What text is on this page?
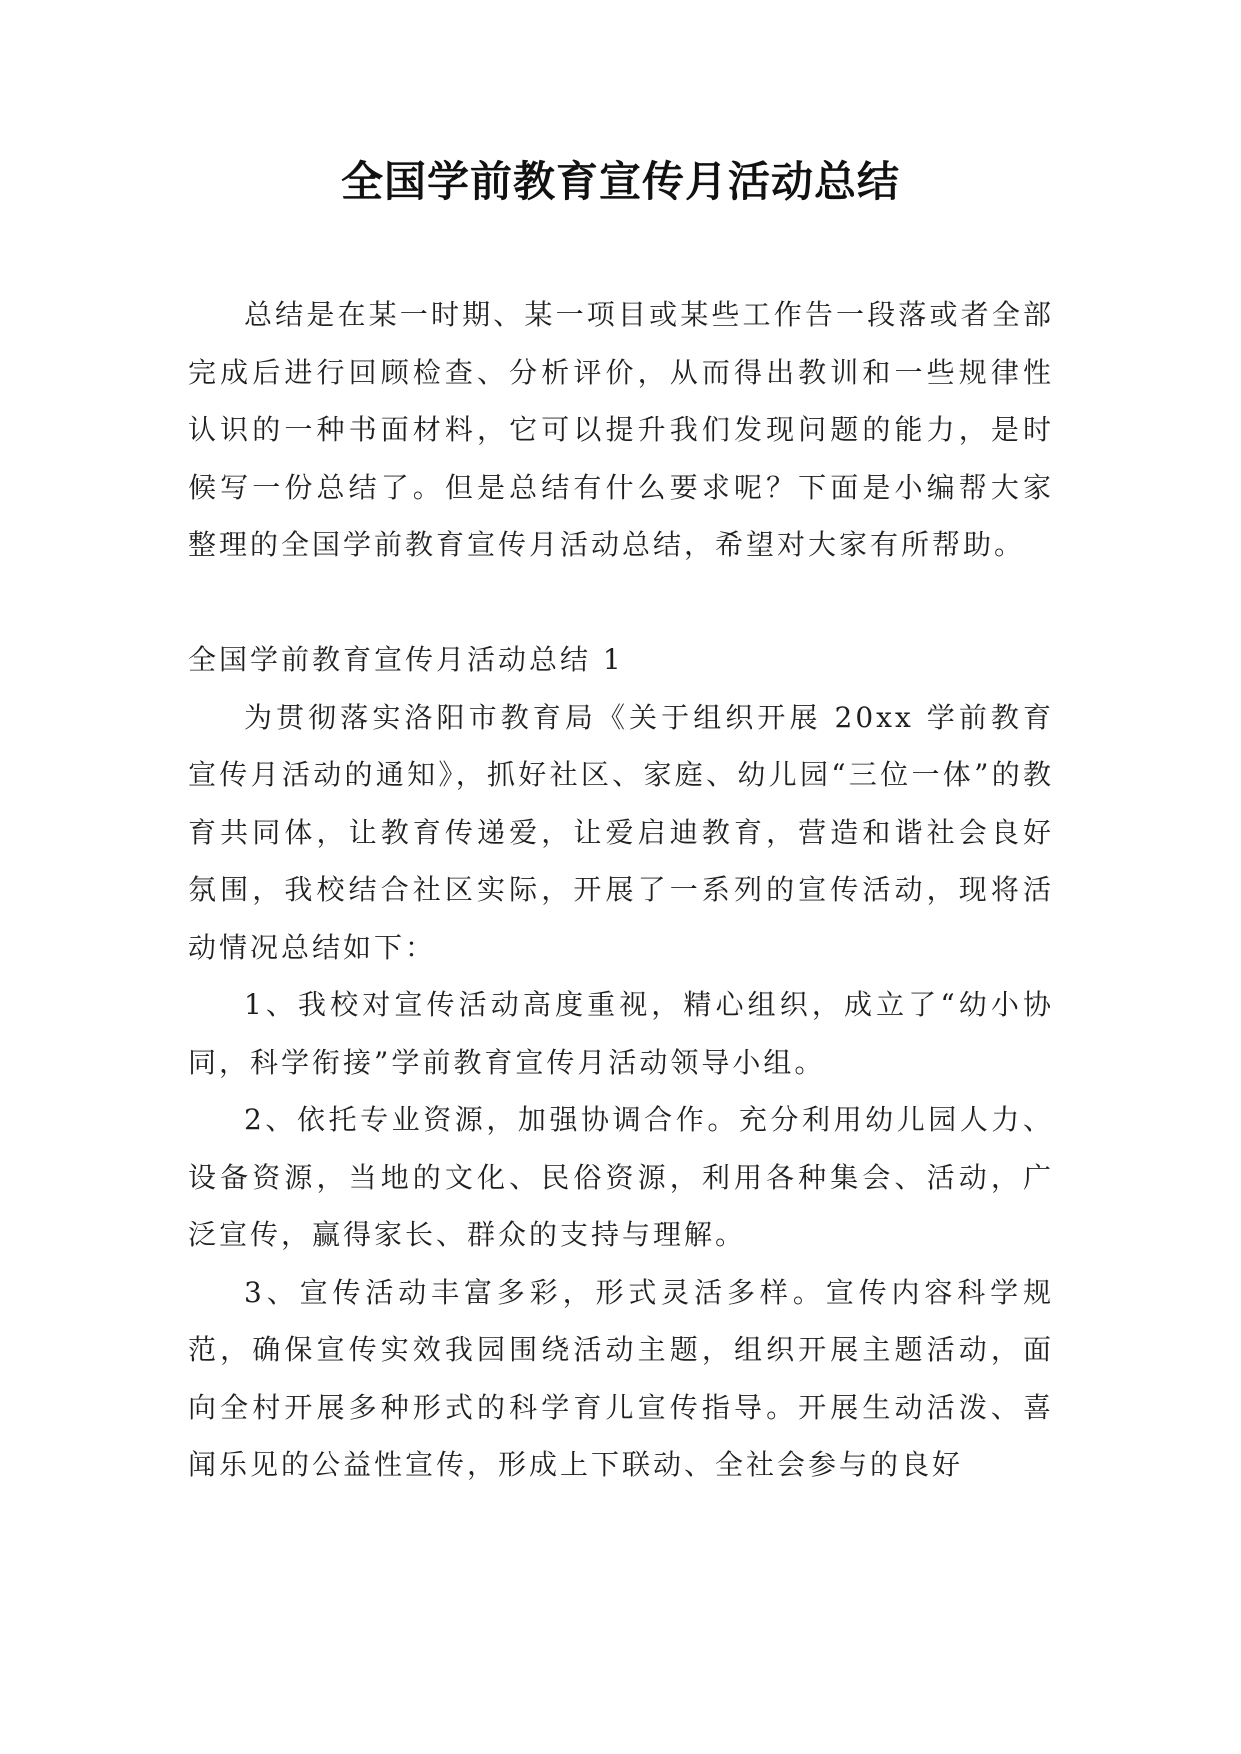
全国学前教育宣传月活动总结

总结是在某一时期、某一项目或某些工作告一段落或者全部完成后进行回顾检查、分析评价，从而得出教训和一些规律性认识的一种书面材料，它可以提升我们发现问题的能力，是时候写一份总结了。但是总结有什么要求呢？下面是小编帮大家整理的全国学前教育宣传月活动总结，希望对大家有所帮助。

全国学前教育宣传月活动总结 1

为贯彻落实洛阳市教育局《关于组织开展 20xx 学前教育宣传月活动的通知》，抓好社区、家庭、幼儿园“三位一体”的教育共同体，让教育传递爱，让爱启迪教育，营造和谐社会良好氛围，我校结合社区实际，开展了一系列的宣传活动，现将活动情况总结如下：

1、我校对宣传活动高度重视，精心组织，成立了“幼小协同，科学衔接”学前教育宣传月活动领导小组。

2、依托专业资源，加强协调合作。充分利用幼儿园人力、设备资源，当地的文化、民俗资源，利用各种集会、活动，广泛宣传，赢得家长、群众的支持与理解。

3、宣传活动丰富多彩，形式灵活多样。宣传内容科学规范，确保宣传实效我园围绕活动主题，组织开展主题活动，面向全村开展多种形式的科学育儿宣传指导。开展生动活泼、喜闻乐见的公益性宣传，形成上下联动、全社会参与的良好
